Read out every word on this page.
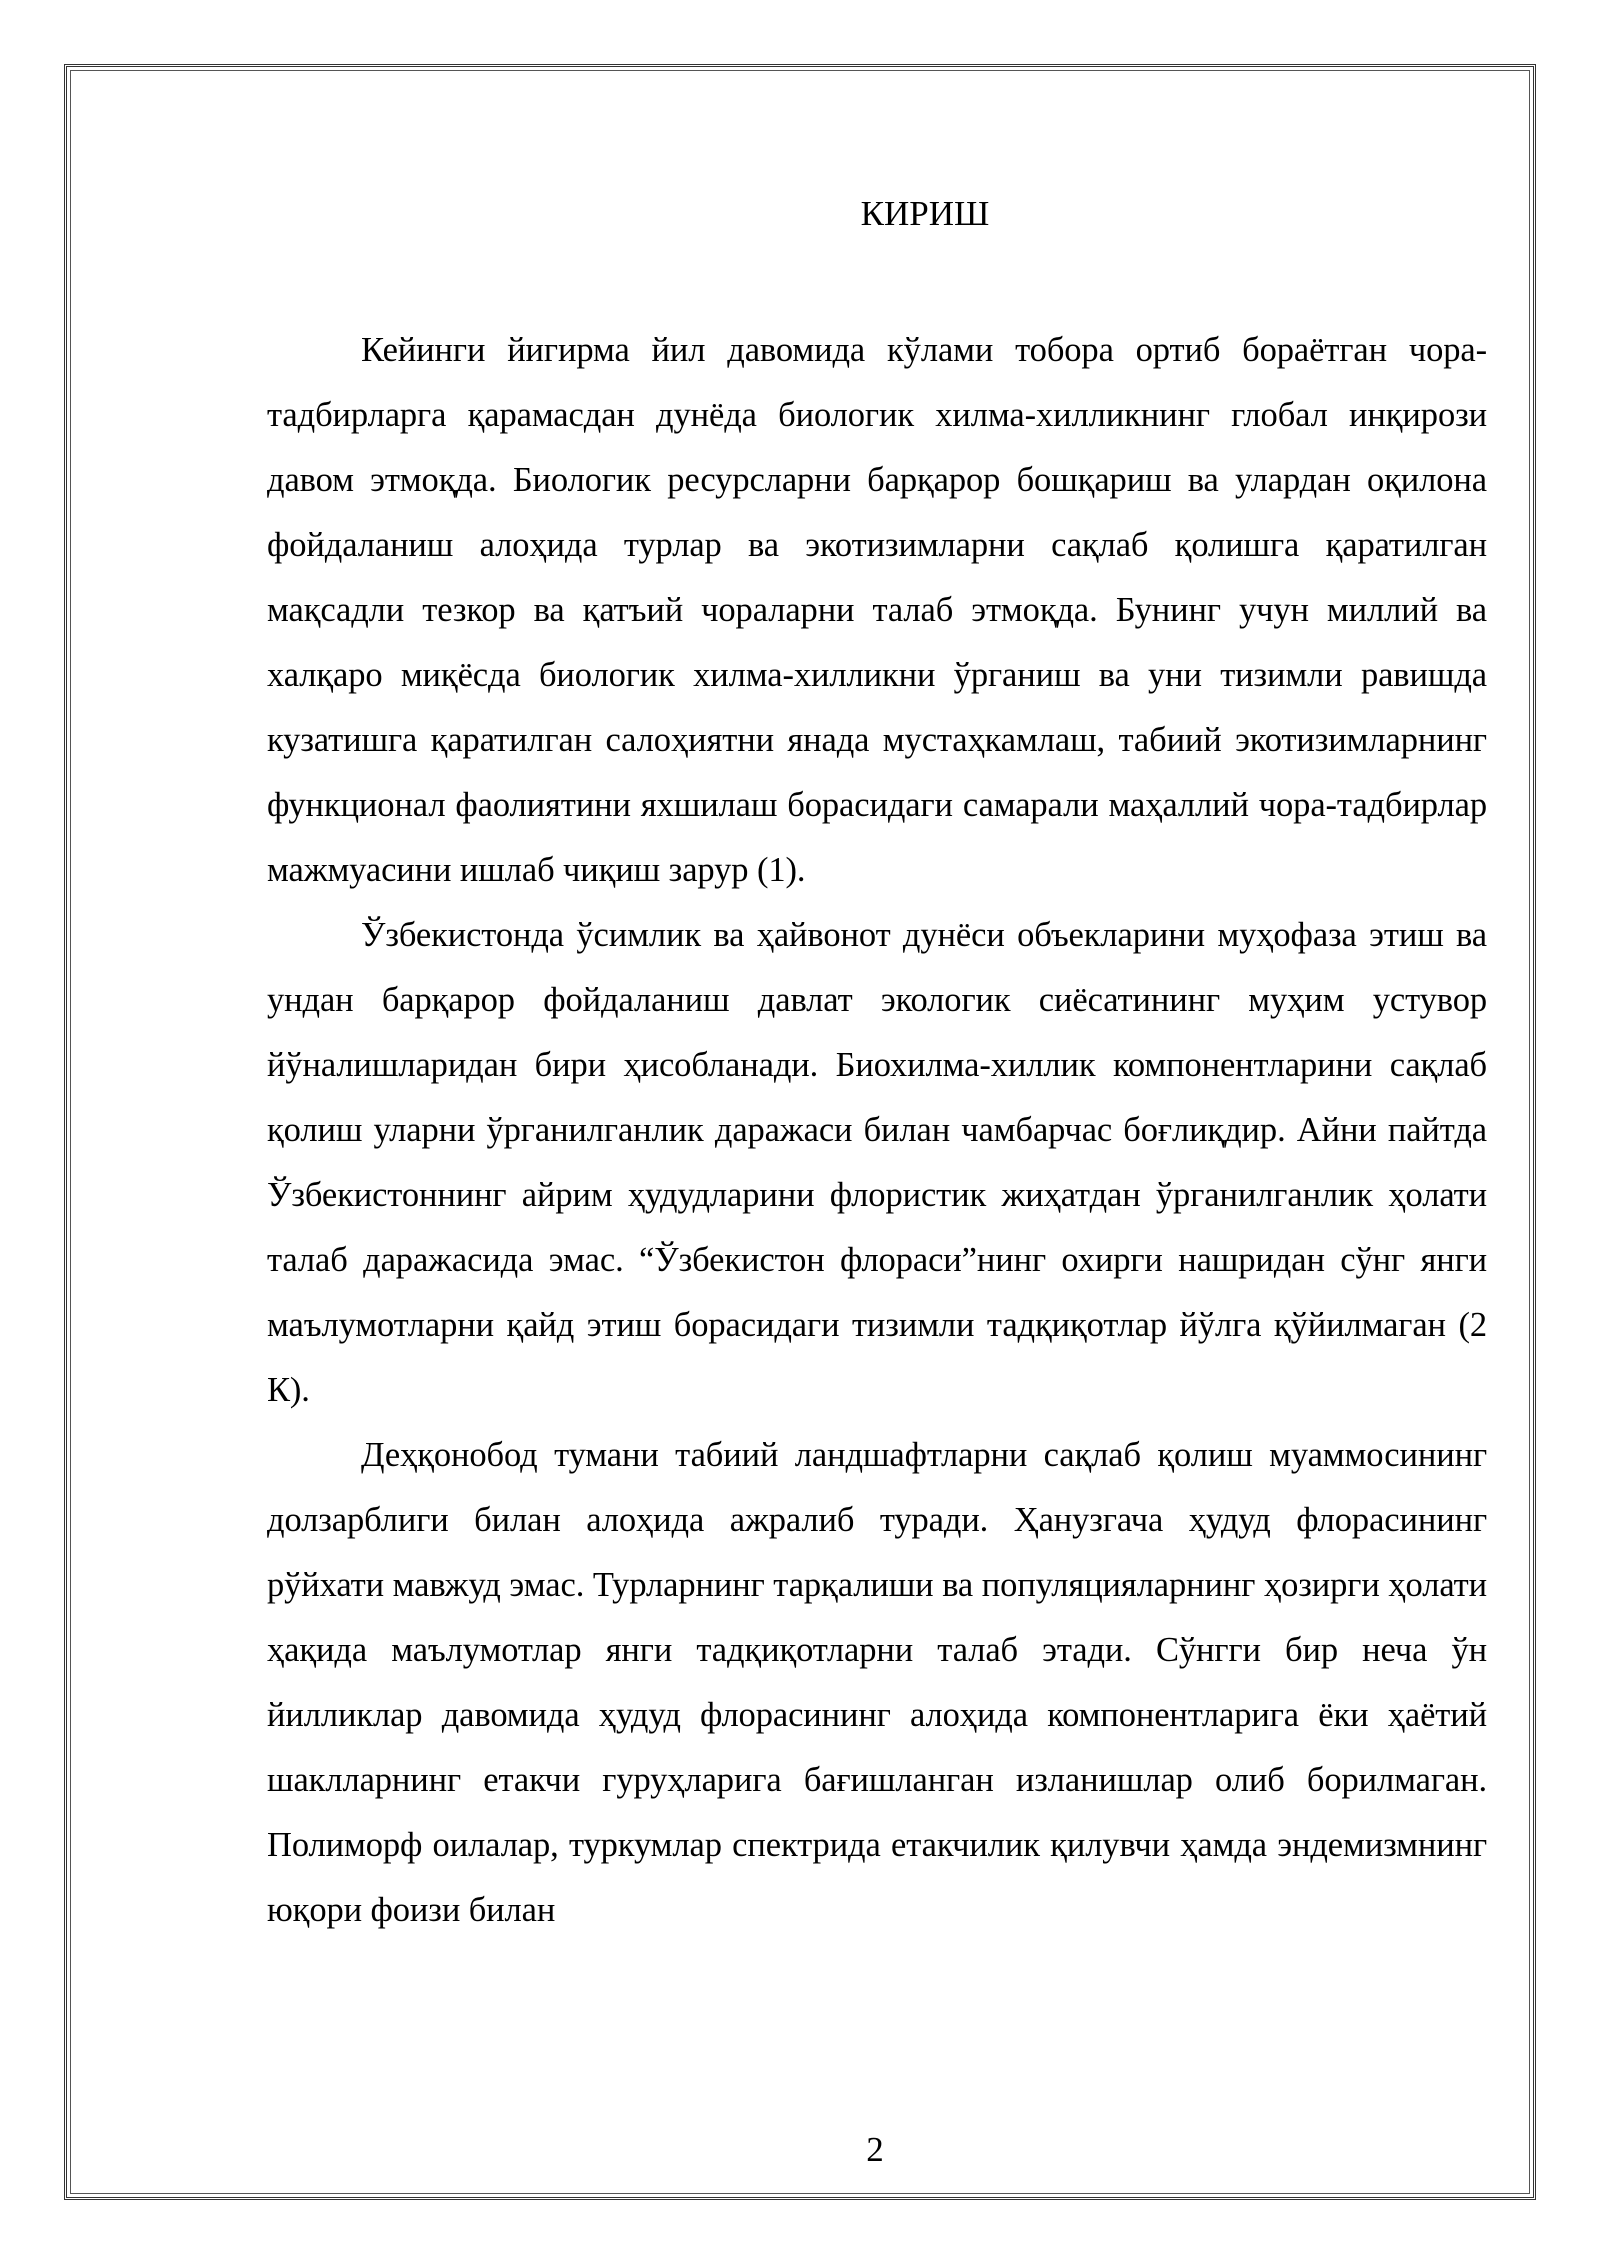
КИРИШ

Кейинги йигирма йил давомида кўлами тобора ортиб бораётган чора-тадбирларга қарамасдан дунёда биологик хилма-хилликнинг глобал инқирози давом этмоқда. Биологик ресурсларни барқарор бошқариш ва улардан оқилона фойдаланиш алоҳида турлар ва экотизимларни сақлаб қолишга қаратилган мақсадли тезкор ва қатъий чораларни талаб этмоқда. Бунинг учун миллий ва халқаро миқёсда биологик хилма-хилликни ўрганиш ва уни тизимли равишда кузатишга қаратилган салоҳиятни янада мустаҳкамлаш, табиий экотизимларнинг функционал фаолиятини яхшилаш борасидаги самарали маҳаллий чора-тадбирлар мажмуасини ишлаб чиқиш зарур (1).

Ўзбекистонда ўсимлик ва ҳайвонот дунёси объекларини муҳофаза этиш ва ундан барқарор фойдаланиш давлат экологик сиёсатининг муҳим устувор йўналишларидан бири ҳисобланади. Биохилма-хиллик компонентларини сақлаб қолиш уларни ўрганилганлик даражаси билан чамбарчас боғлиқдир. Айни пайтда Ўзбекистоннинг айрим ҳудудларини флористик жиҳатдан ўрганилганлик ҳолати талаб даражасида эмас. “Ўзбекистон флораси”нинг охирги нашридан сўнг янги маълумотларни қайд этиш борасидаги тизимли тадқиқотлар йўлга қўйилмаган (2 К).

Деҳқонобод тумани табиий ландшафтларни сақлаб қолиш муаммосининг долзарблиги билан алоҳида ажралиб туради. Ҳанузгача ҳудуд флорасининг рўйхати мавжуд эмас. Турларнинг тарқалиши ва популяцияларнинг ҳозирги ҳолати ҳақида маълумотлар янги тадқиқотларни талаб этади. Сўнгги бир неча ўн йилликлар давомида ҳудуд флорасининг алоҳида компонентларига ёки ҳаётий шаклларнинг етакчи гуруҳларига бағишланган изланишлар олиб борилмаган. Полиморф оилалар, туркумлар спектрида етакчилик қилувчи ҳамда эндемизмнинг юқори фоизи билан

2
